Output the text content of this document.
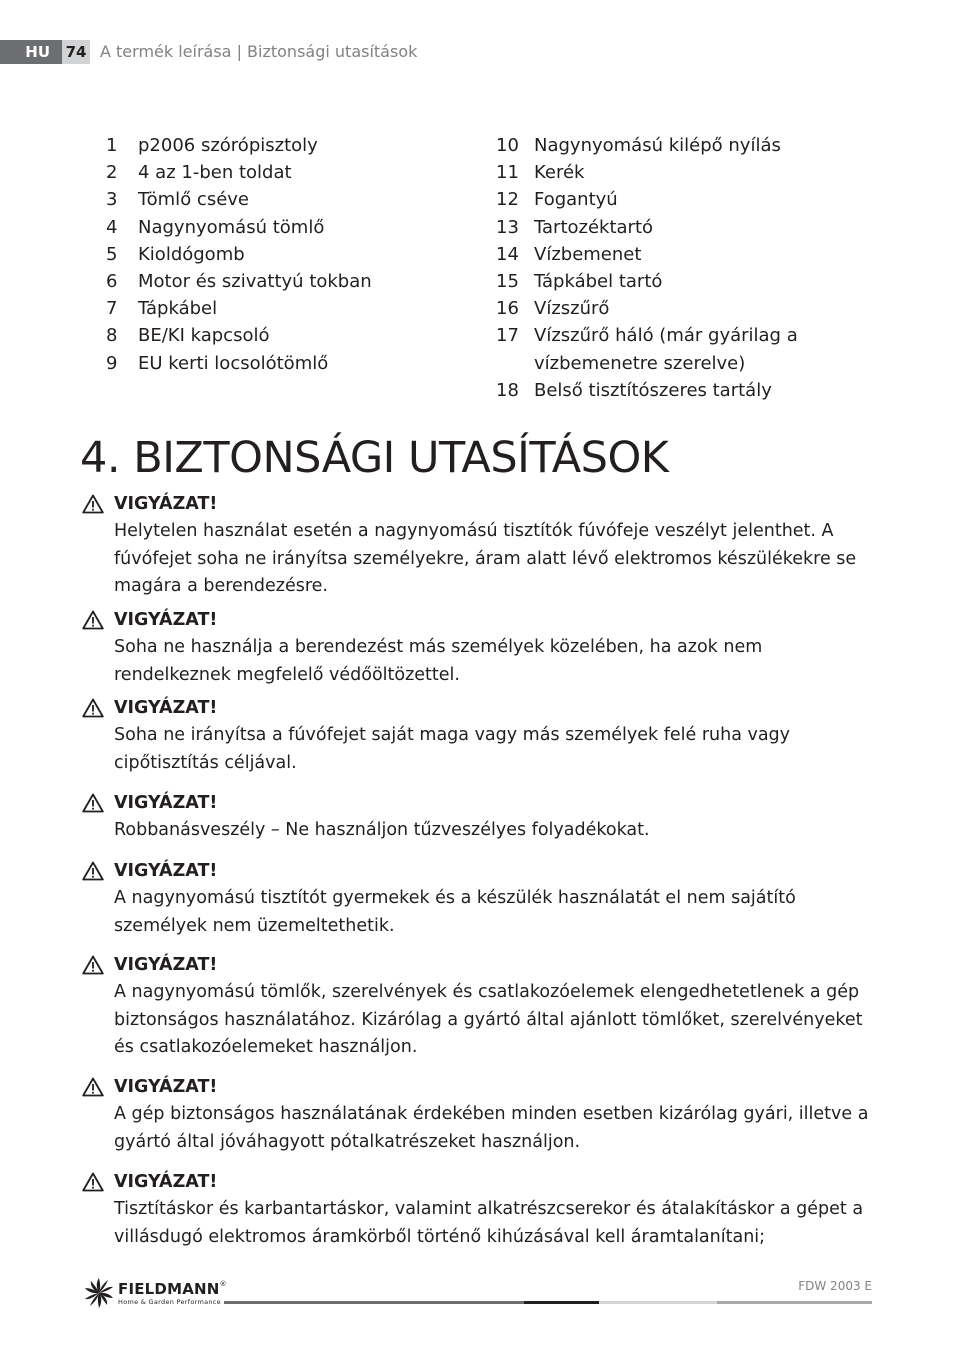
HU	74 A termék leírása | Biztonsági utasítások
1	p2006 szórópisztoly
2	4 az 1-ben toldat
3	Tömlő cséve
4	Nagynyomású tömlő
5	Kioldógomb
6	Motor és szivattyú tokban
7	Tápkábel
8	BE/KI kapcsoló
9	EU kerti locsolótömlő
10 Nagynyomású kilépő nyílás
11 Kerék
12 Fogantyú
13 Tartozéktartó
14 Vízbemenet
15 Tápkábel tartó
16 Vízszűrő
17 Vízszűrő háló (már gyárilag a vízbemenetre szerelve)
18 Belső tisztítószeres tartály
4. BIZTONSÁGI UTASÍTÁSOK
VIGYÁZAT!
Helytelen használat esetén a nagynyomású tisztítók fúvófeje veszélyt jelenthet. A fúvófejet soha ne irányítsa személyekre, áram alatt lévő elektromos készülékekre se magára a berendezésre.
VIGYÁZAT!
Soha ne használja a berendezést más személyek közelében, ha azok nem rendelkeznek megfelelő védőöltözettel.
VIGYÁZAT!
Soha ne irányítsa a fúvófejet saját maga vagy más személyek felé ruha vagy cipőtisztítás céljával.
VIGYÁZAT!
Robbanásveszély – Ne használjon tűzveszélyes folyadékokat.
VIGYÁZAT!
A nagynyomású tisztítót gyermekek és a készülék használatát el nem sajátító személyek nem üzemeltethetik.
VIGYÁZAT!
A nagynyomású tömlők, szerelvények és csatlakozóelemek elengedhetetlenek a gép biztonságos használatához. Kizárólag a gyártó által ajánlott tömlőket, szerelvényeket és csatlakozóelemeket használjon.
VIGYÁZAT!
A gép biztonságos használatának érdekében minden esetben kizárólag gyári, illetve a gyártó által jóváhagyott pótalkatrészeket használjon.
VIGYÁZAT!
Tisztításkor és karbantartáskor, valamint alkatrészcserekor és átalakításkor a gépet a villásdugó elektromos áramkörből történő kihúzásával kell áramtalanítani;
FIELDMANN®
Home & Garden Performance
FDW 2003 E
